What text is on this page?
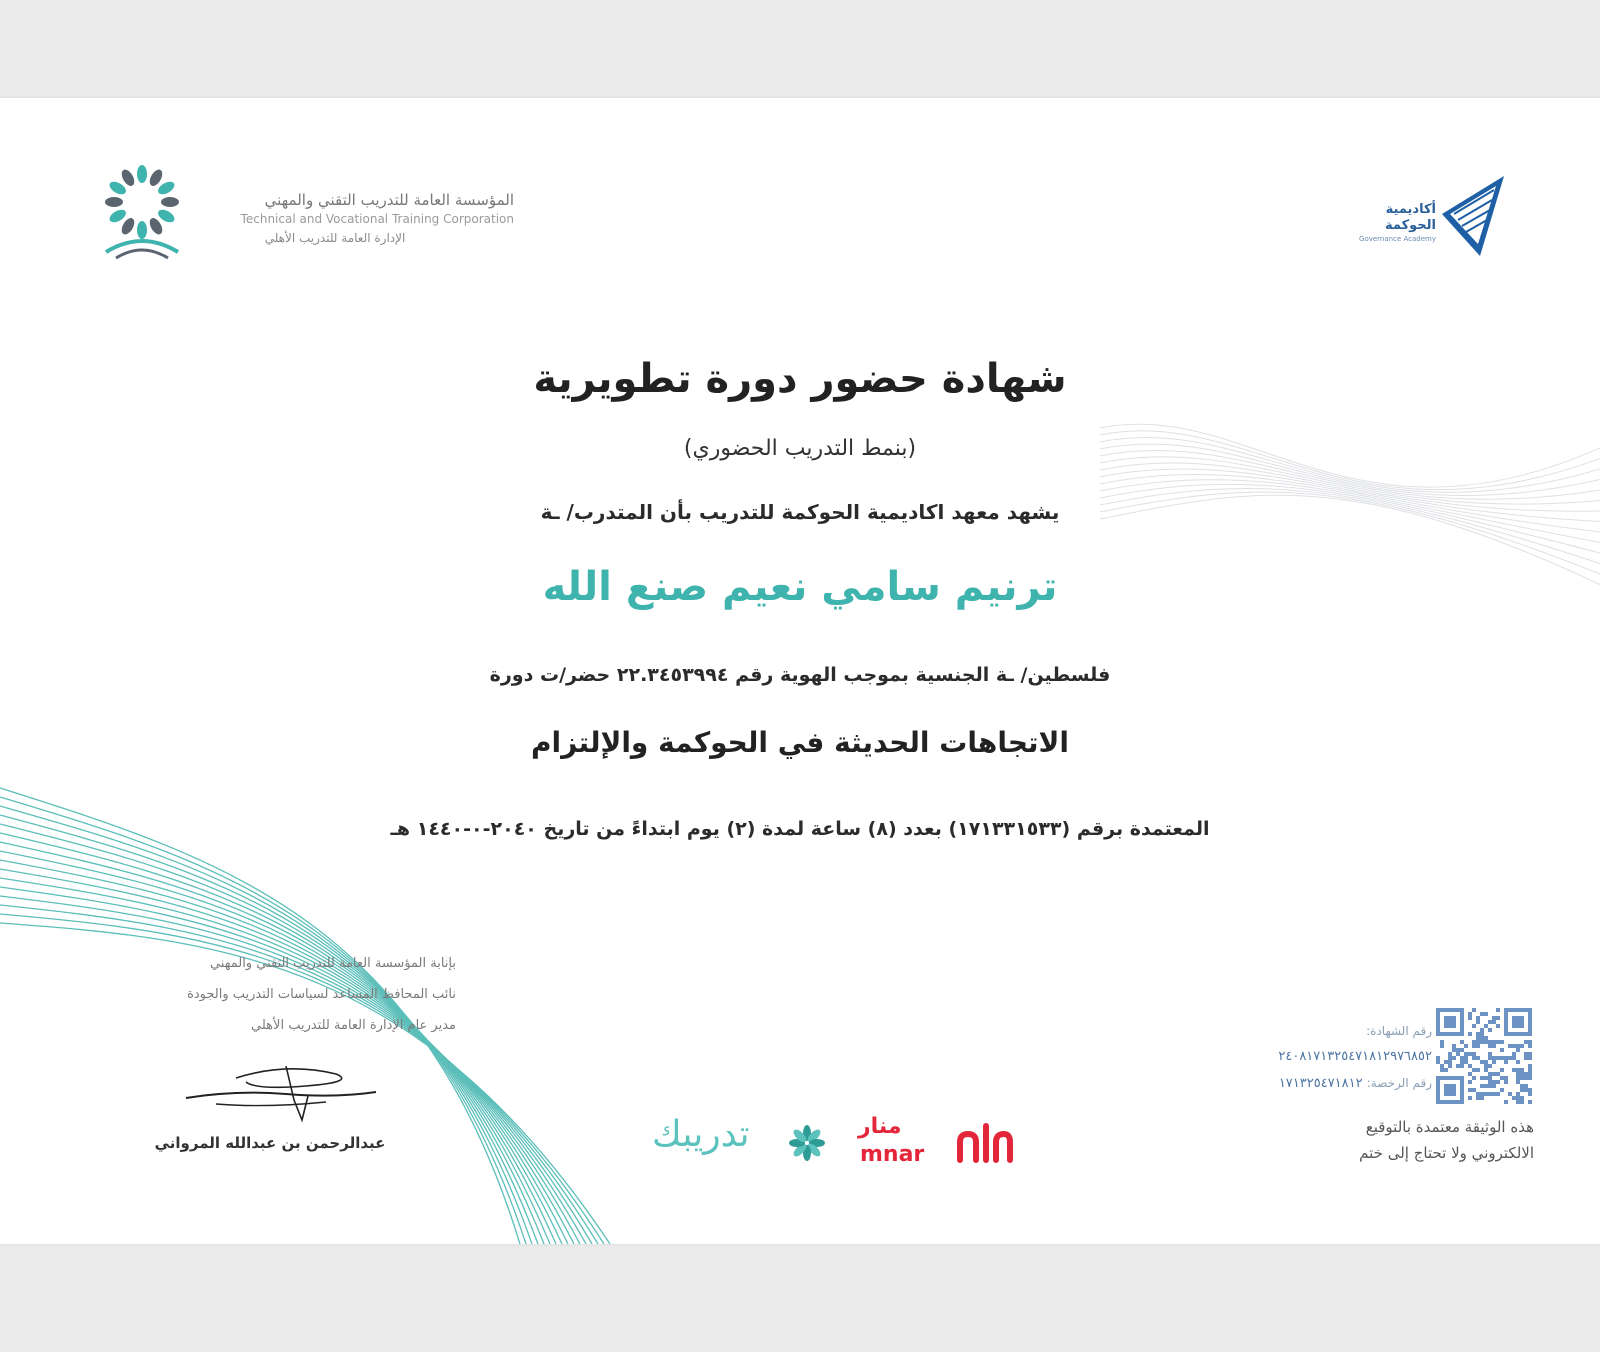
المؤسسة العامة للتدريب التقني والمهني
Technical and Vocational Training Corporation
الإدارة العامة للتدريب الأهلي
أكاديمية الحوكمة
Governance Academy
شهادة حضور دورة تطويرية
(بنمط التدريب الحضوري)
يشهد معهد اكاديمية الحوكمة للتدريب بأن المتدرب/ ـة
ترنيم سامي نعيم صنع الله
فلسطين/ ـة الجنسية بموجب الهوية رقم ٢٢.٣٤٥٣٩٩٤ حضر/ت دورة
الاتجاهات الحديثة في الحوكمة والإلتزام
المعتمدة برقم (١٧١٣٣١٥٣٣) بعدد (٨) ساعة لمدة (٢) يوم ابتداءً من تاريخ ٢٠٤٠-٠-١٤٤٠ هـ
بإنابة المؤسسة العامة للتدريب التقني والمهني
نائب المحافظ المساعد لسياسات التدريب والجودة
مدير عام الإدارة العامة للتدريب الأهلي
عبدالرحمن بن عبدالله المرواني	تدريبك	منار
mnar
رقم الشهادة:
٢٤٠٨١٧١٣٢٥٤٧١٨١٢٩٧٦٨٥٢
رقم الرخصة: ١٧١٣٢٥٤٧١٨١٢
هذه الوثيقة معتمدة بالتوقيع
الالكتروني ولا تحتاج إلى ختم
